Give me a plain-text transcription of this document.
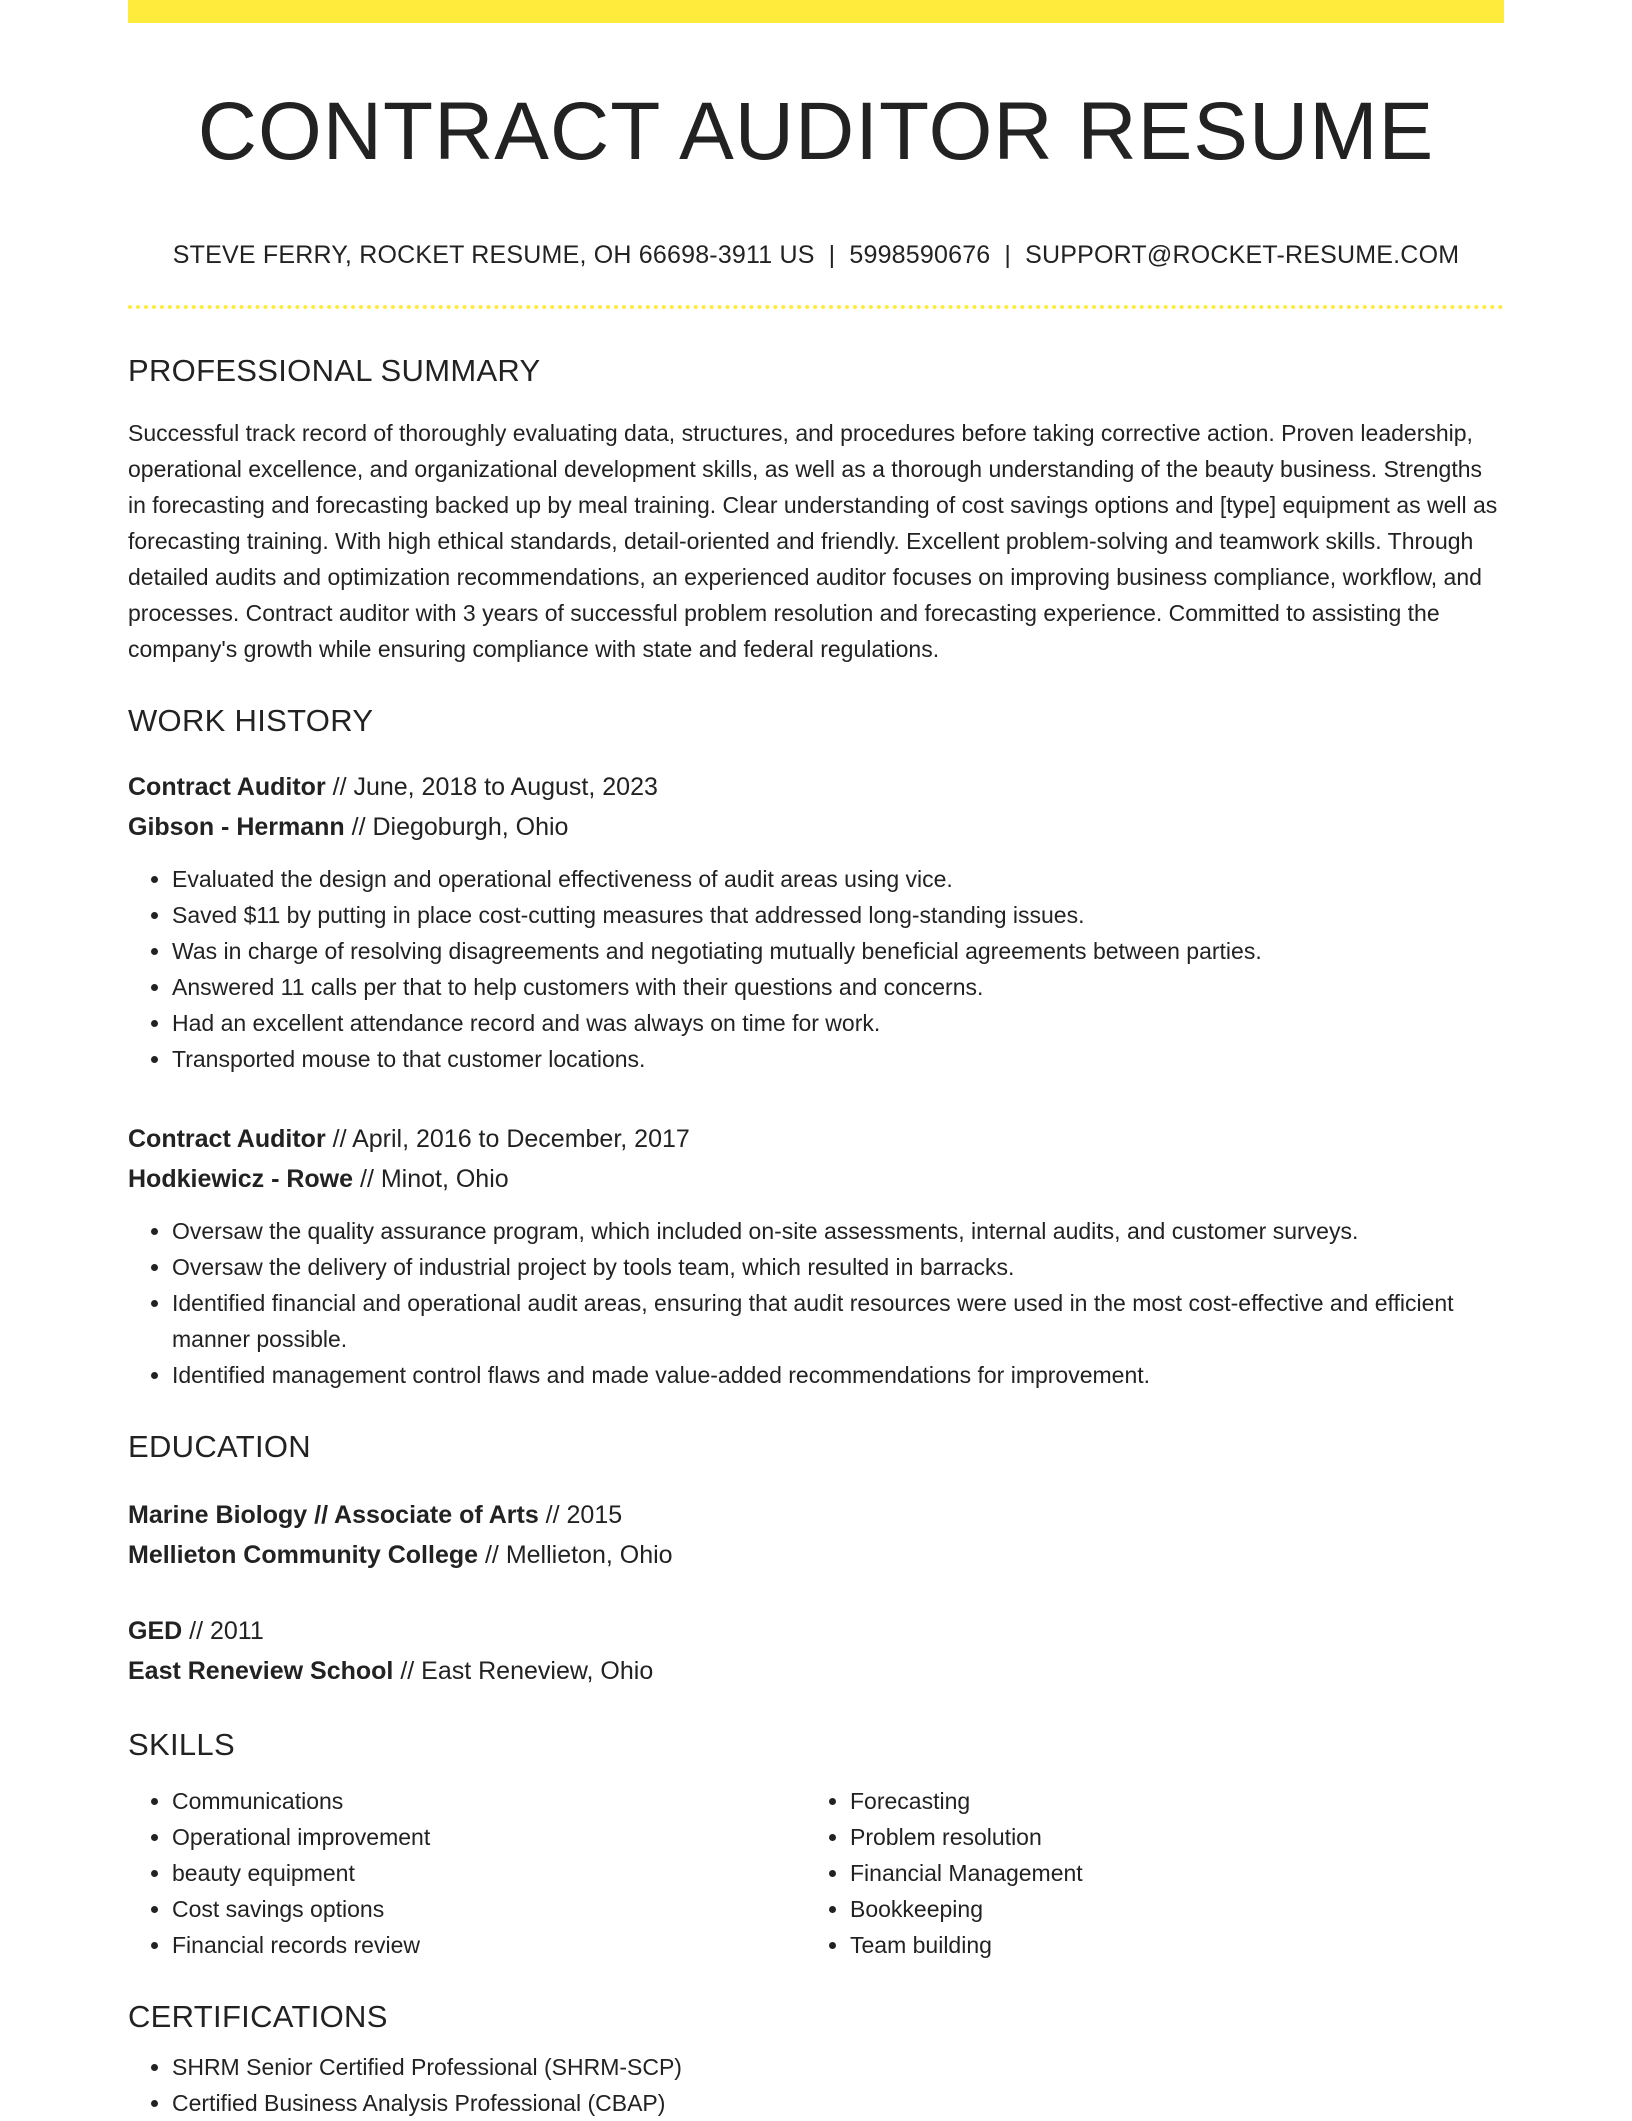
CONTRACT AUDITOR RESUME
STEVE FERRY, ROCKET RESUME, OH 66698-3911 US | 5998590676 | SUPPORT@ROCKET-RESUME.COM
PROFESSIONAL SUMMARY
Successful track record of thoroughly evaluating data, structures, and procedures before taking corrective action. Proven leadership, operational excellence, and organizational development skills, as well as a thorough understanding of the beauty business. Strengths in forecasting and forecasting backed up by meal training. Clear understanding of cost savings options and [type] equipment as well as forecasting training. With high ethical standards, detail-oriented and friendly. Excellent problem-solving and teamwork skills. Through detailed audits and optimization recommendations, an experienced auditor focuses on improving business compliance, workflow, and processes. Contract auditor with 3 years of successful problem resolution and forecasting experience. Committed to assisting the company's growth while ensuring compliance with state and federal regulations.
WORK HISTORY
Contract Auditor // June, 2018 to August, 2023
Gibson - Hermann // Diegoburgh, Ohio
• Evaluated the design and operational effectiveness of audit areas using vice.
• Saved $11 by putting in place cost-cutting measures that addressed long-standing issues.
• Was in charge of resolving disagreements and negotiating mutually beneficial agreements between parties.
• Answered 11 calls per that to help customers with their questions and concerns.
• Had an excellent attendance record and was always on time for work.
• Transported mouse to that customer locations.
Contract Auditor // April, 2016 to December, 2017
Hodkiewicz - Rowe // Minot, Ohio
• Oversaw the quality assurance program, which included on-site assessments, internal audits, and customer surveys.
• Oversaw the delivery of industrial project by tools team, which resulted in barracks.
• Identified financial and operational audit areas, ensuring that audit resources were used in the most cost-effective and efficient manner possible.
• Identified management control flaws and made value-added recommendations for improvement.
EDUCATION
Marine Biology // Associate of Arts // 2015
Mellieton Community College // Mellieton, Ohio
GED // 2011
East Reneview School // East Reneview, Ohio
SKILLS
• Communications
• Operational improvement
• beauty equipment
• Cost savings options
• Financial records review
• Forecasting
• Problem resolution
• Financial Management
• Bookkeeping
• Team building
CERTIFICATIONS
• SHRM Senior Certified Professional (SHRM-SCP)
• Certified Business Analysis Professional (CBAP)
